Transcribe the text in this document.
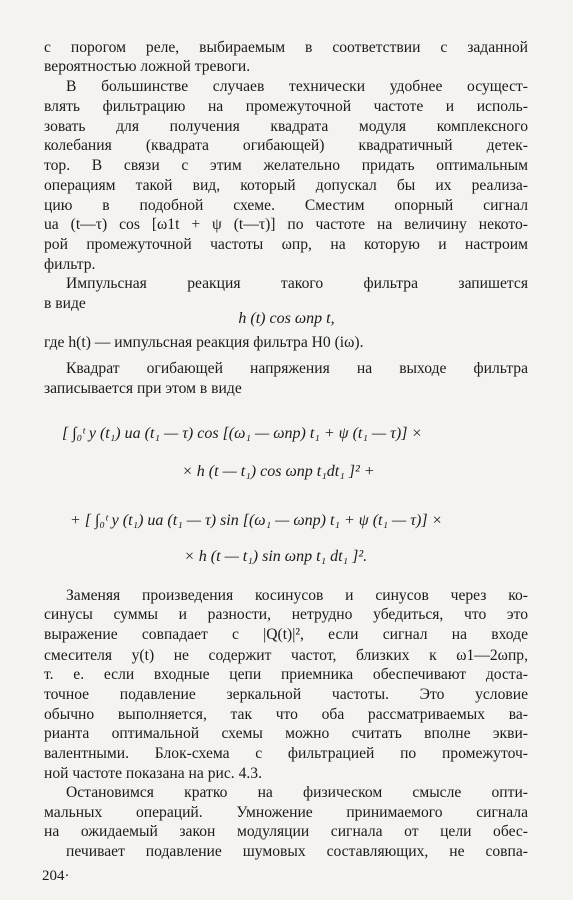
с порогом реле, выбираемым в соответствии с заданной
вероятностью ложной тревоги.
В большинстве случаев технически удобнее осущест-
влять фильтрацию на промежуточной частоте и исполь-
зовать для получения квадрата модуля комплексного
колебания (квадрата огибающей) квадратичный детек-
тор. В связи с этим желательно придать оптимальным
операциям такой вид, который допускал бы их реализа-
цию в подобной схеме. Сместим опорный сигнал
uа (t—τ) cos [ω1t + ψ (t—τ)] по частоте на величину некото-
рой промежуточной частоты ωпр, на которую и настроим
фильтр.
Импульсная реакция такого фильтра запишется
в виде
h (t) cos ωпр t,
где h(t) — импульсная реакция фильтра H0 (iω).
Квадрат огибающей напряжения на выходе фильтра
записывается при этом в виде
[ ∫₀ᵗ y (t₁) uа (t₁ — τ) cos [(ω₁ — ωпр) t₁ + ψ (t₁ — τ)] ×
× h (t — t₁) cos ωпр t₁dt₁ ]² +
+ [ ∫₀ᵗ y (t₁) uа (t₁ — τ) sin [(ω₁ — ωпр) t₁ + ψ (t₁ — τ)] ×
× h (t — t₁) sin ωпр t₁ dt₁ ]².
Заменяя произведения косинусов и синусов через ко-
синусы суммы и разности, нетрудно убедиться, что это
выражение совпадает с |Q(t)|², если сигнал на входе
смесителя y(t) не содержит частот, близких к ω1—2ωпр,
т. е. если входные цепи приемника обеспечивают доста-
точное подавление зеркальной частоты. Это условие
обычно выполняется, так что оба рассматриваемых ва-
рианта оптимальной схемы можно считать вполне экви-
валентными. Блок-схема с фильтрацией по промежуточ-
ной частоте показана на рис. 4.3.
Остановимся кратко на физическом смысле опти-
мальных операций. Умножение принимаемого сигнала
на ожидаемый закон модуляции сигнала от цели обес-
печивает подавление шумовых составляющих, не совпа-
204·
